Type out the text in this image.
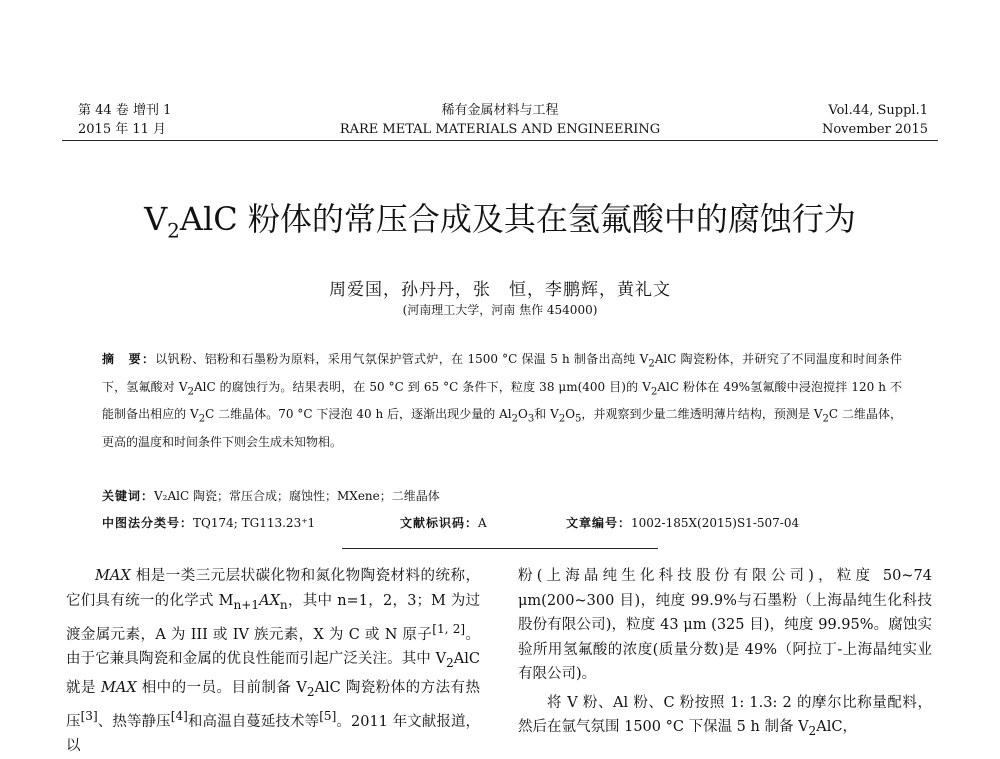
第 44 卷 增刊 1
2015 年 11 月
稀有金属材料与工程
RARE METAL MATERIALS AND ENGINEERING
Vol.44, Suppl.1
November 2015
$V_2AlC$ 粉体的常压合成及其在氢氟酸中的腐蚀行为
周爱国，孙丹丹，张　恒，李鹏辉，黄礼文
(河南理工大学，河南 焦作 454000)
摘　要：以钒粉、铝粉和石墨粉为原料，采用气氛保护管式炉，在 1500 °C 保温 5 h 制备出高纯 $V_2AlC$ 陶瓷粉体，并研究了不同温度和时间条件下，氢氟酸对 $V_2AlC$ 的腐蚀行为。结果表明，在 50 °C 到 65 °C 条件下，粒度 38 μm(400 目)的 $V_2AlC$ 粉体在 49%氢氟酸中浸泡搅拌 120 h 不能制备出相应的 $V_2C$ 二维晶体。70 °C 下浸泡 40 h 后，逐渐出现少量的 $Al_2O_3$和 $V_2O_5$，并观察到少量二维透明薄片结构，预测是 $V_2C$ 二维晶体，更高的温度和时间条件下则会生成未知物相。
关键词：V₂AlC 陶瓷；常压合成；腐蚀性；MXene；二维晶体
中图法分类号：TQ174; TG113.23⁺1	文献标识码：A	文章编号：1002-185X(2015)S1-507-04

MAX 相是一类三元层状碳化物和氮化物陶瓷材料的统称，它们具有统一的化学式 $M_{n+1}AX_n$，其中 n=1，2，3；M 为过渡金属元素，A 为 III 或 IV 族元素，X 为 C 或 N 原子[1, 2]。由于它兼具陶瓷和金属的优良性能而引起广泛关注。其中 $V_2AlC$ 就是 MAX 相中的一员。目前制备 $V_2AlC$ 陶瓷粉体的方法有热压[3]、热等静压[4]和高温自蔓延技术等[5]。2011 年文献报道，以

粉(上海晶纯生化科技股份有限公司)，粒度 50~74 μm(200~300 目)，纯度 99.9%与石墨粉（上海晶纯生化科技股份有限公司)，粒度 43 μm (325 目)，纯度 99.95%。腐蚀实验所用氢氟酸的浓度(质量分数)是 49%（阿拉丁-上海晶纯实业有限公司)。

将 V 粉、Al 粉、C 粉按照 1: 1.3: 2 的摩尔比称量配料，然后在氩气氛围 1500 °C 下保温 5 h 制备 $V_2AlC$，
